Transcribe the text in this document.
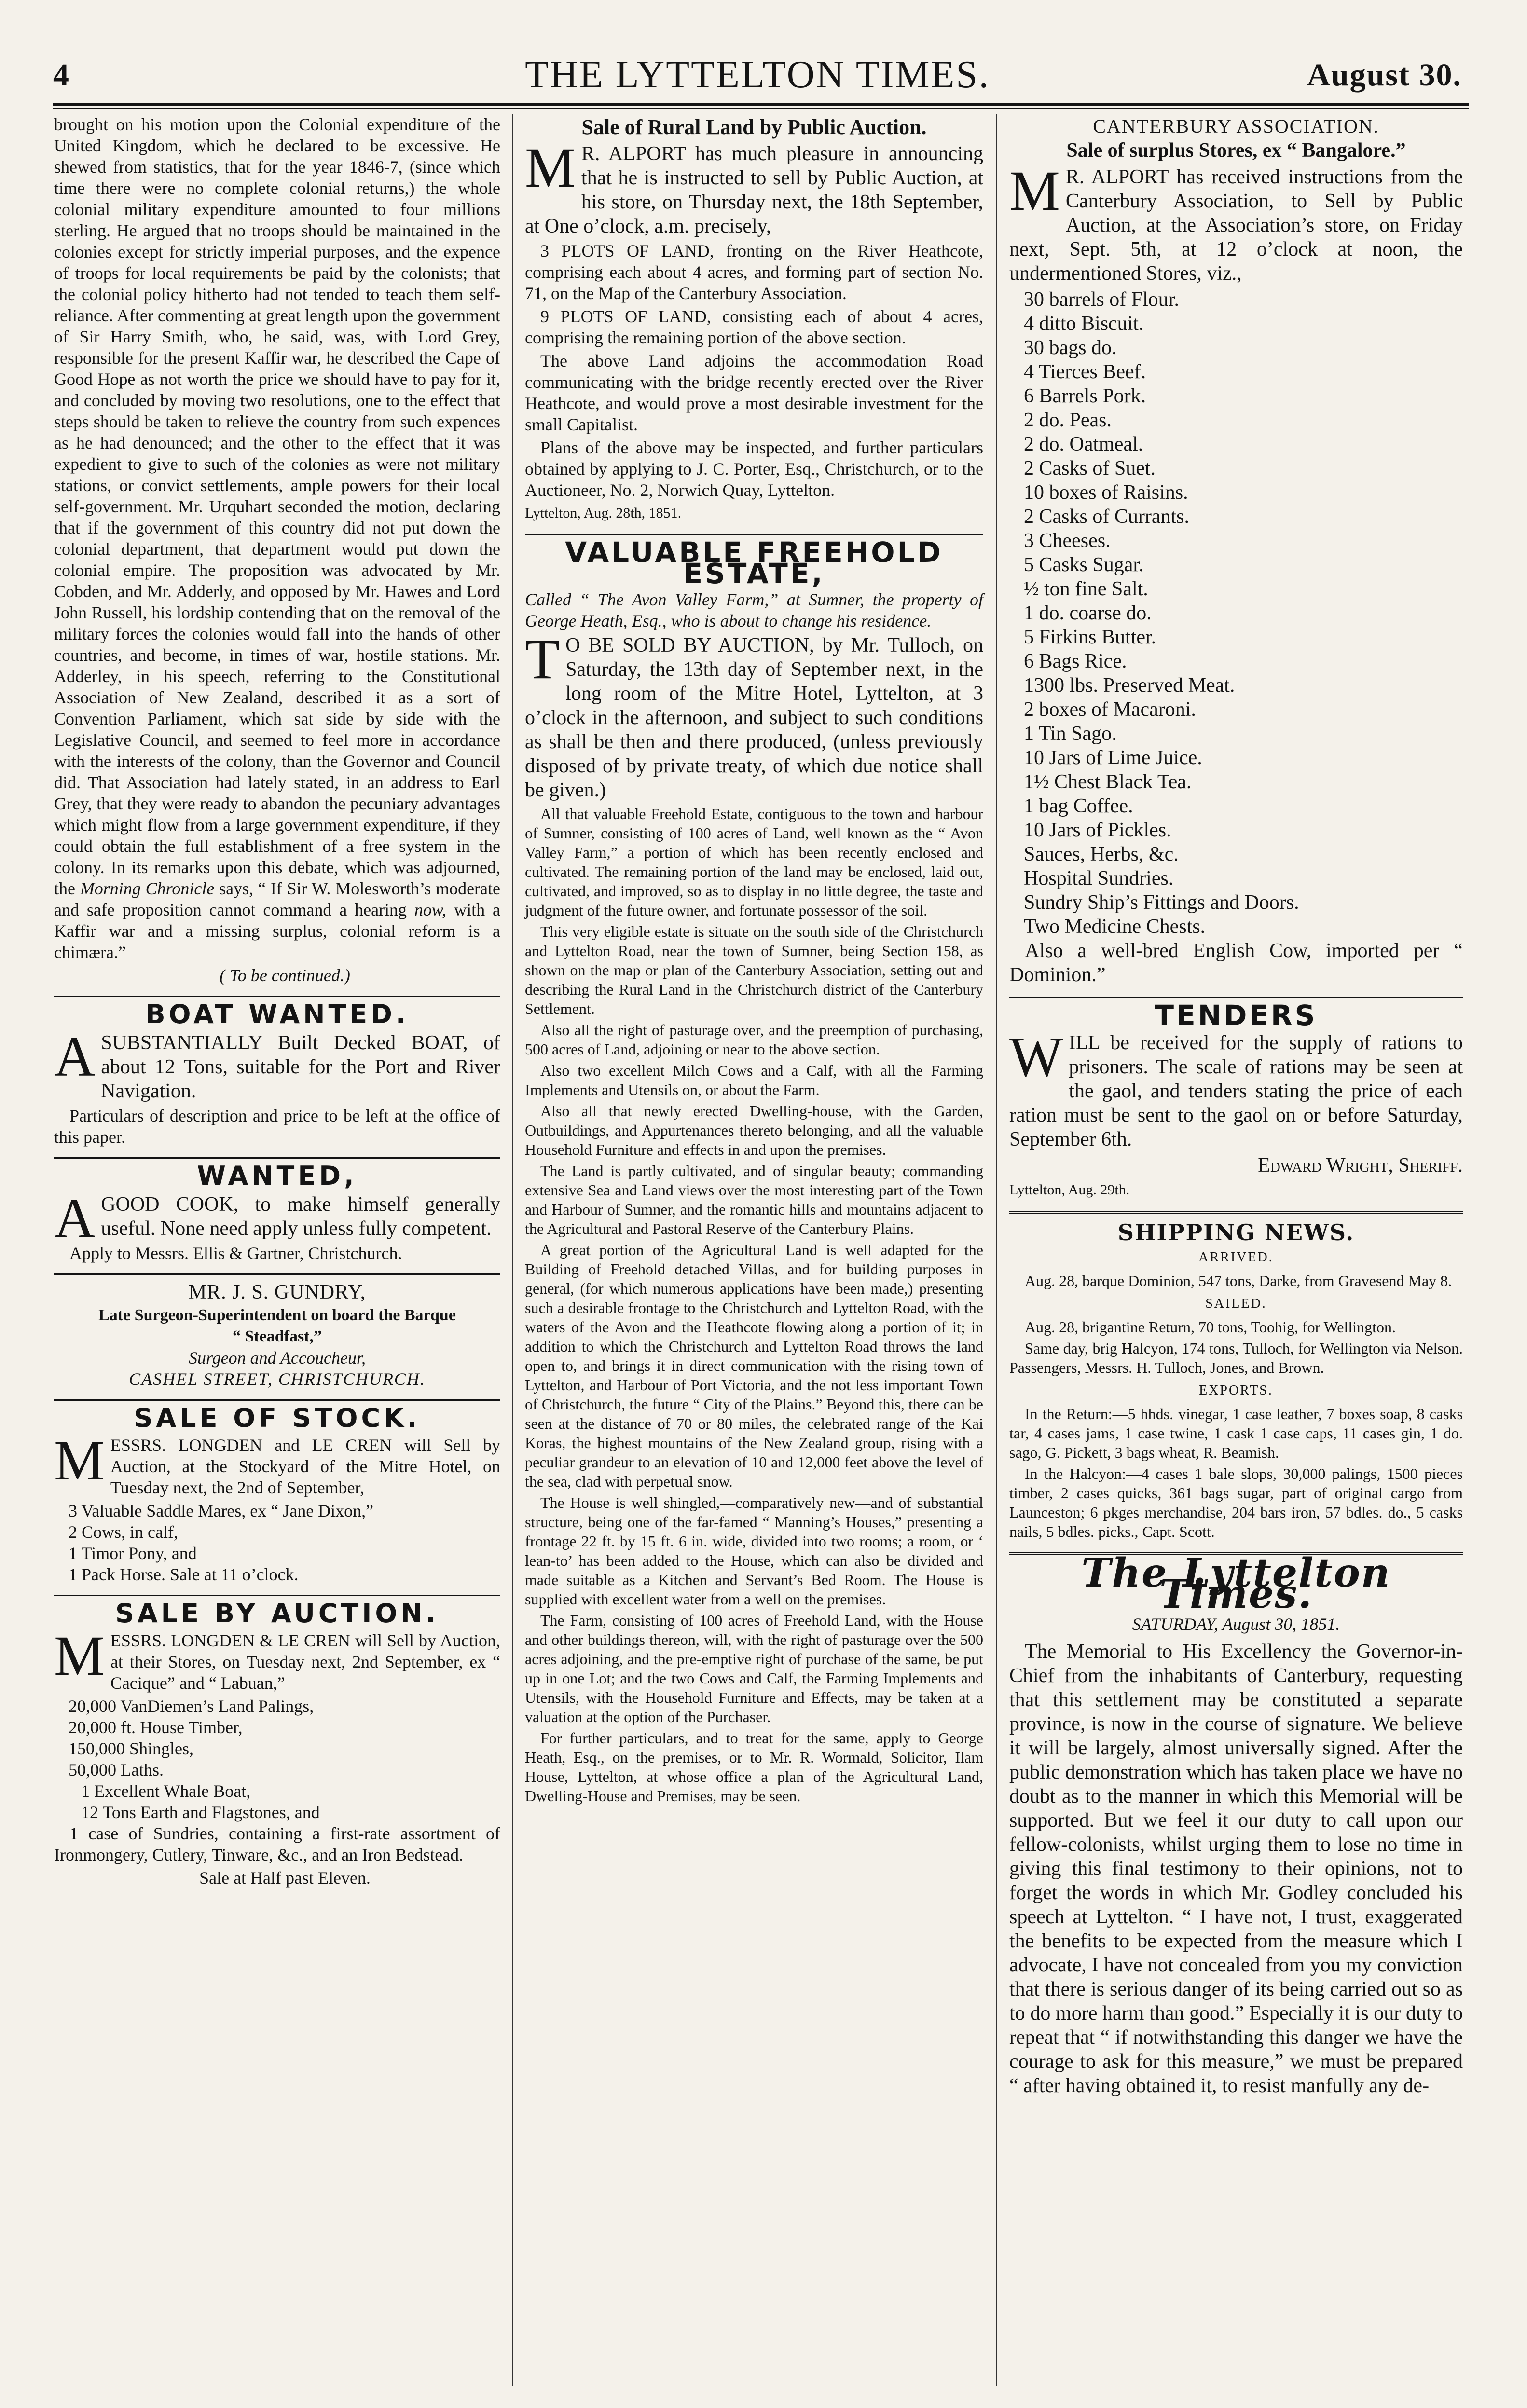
4	THE LYTTELTON TIMES.	August 30.

brought on his motion upon the Colonial expenditure of the United Kingdom, which he declared to be excessive. He shewed from statistics, that for the year 1846-7, (since which time there were no complete colonial returns,) the whole colonial military expenditure amounted to four millions sterling. He argued that no troops should be maintained in the colonies except for strictly imperial purposes, and the expence of troops for local requirements be paid by the colonists; that the colonial policy hitherto had not tended to teach them self-reliance. After commenting at great length upon the government of Sir Harry Smith, who, he said, was, with Lord Grey, responsible for the present Kaffir war, he described the Cape of Good Hope as not worth the price we should have to pay for it, and concluded by moving two resolutions, one to the effect that steps should be taken to relieve the country from such expences as he had denounced; and the other to the effect that it was expedient to give to such of the colonies as were not military stations, or convict settlements, ample powers for their local self-government. Mr. Urquhart seconded the motion, declaring that if the government of this country did not put down the colonial department, that department would put down the colonial empire. The proposition was advocated by Mr. Cobden, and Mr. Adderly, and opposed by Mr. Hawes and Lord John Russell, his lordship contending that on the removal of the military forces the colonies would fall into the hands of other countries, and become, in times of war, hostile stations. Mr. Adderley, in his speech, referring to the Constitutional Association of New Zealand, described it as a sort of Convention Parliament, which sat side by side with the Legislative Council, and seemed to feel more in accordance with the interests of the colony, than the Governor and Council did. That Association had lately stated, in an address to Earl Grey, that they were ready to abandon the pecuniary advantages which might flow from a large government expenditure, if they could obtain the full establishment of a free system in the colony. In its remarks upon this debate, which was adjourned, the Morning Chronicle says, “ If Sir W. Molesworth’s moderate and safe proposition cannot command a hearing now, with a Kaffir war and a missing surplus, colonial reform is a chimæra.”

( To be continued.)

BOAT WANTED.

ASUBSTANTIALLY Built Decked BOAT, of about 12 Tons, suitable for the Port and River Navigation.

Particulars of description and price to be left at the office of this paper.

WANTED,

AGOOD COOK, to make himself generally useful. None need apply unless fully competent.

Apply to Messrs. Ellis & Gartner, Christchurch.

MR. J. S. GUNDRY,
Late Surgeon-Superintendent on board the Barque
“ Steadfast,”
Surgeon and Accoucheur,
CASHEL STREET, CHRISTCHURCH.
SALE OF STOCK.

MESSRS. LONGDEN and LE CREN will Sell by Auction, at the Stockyard of the Mitre Hotel, on Tuesday next, the 2nd of September,

3 Valuable Saddle Mares, ex “ Jane Dixon,”

2 Cows, in calf,

1 Timor Pony, and

1 Pack Horse. Sale at 11 o’clock.

SALE BY AUCTION.

MESSRS. LONGDEN & LE CREN will Sell by Auction, at their Stores, on Tuesday next, 2nd September, ex “ Cacique” and “ Labuan,”

20,000 VanDiemen’s Land Palings,

20,000 ft. House Timber,

150,000 Shingles,

50,000 Laths.

1 Excellent Whale Boat,

12 Tons Earth and Flagstones, and

1 case of Sundries, containing a first-rate assortment of Ironmongery, Cutlery, Tinware, &c., and an Iron Bedstead.

Sale at Half past Eleven.

Sale of Rural Land by Public Auction.

M R. ALPORT has much pleasure in announcing that he is instructed to sell by Public Auction, at his store, on Thursday next, the 18th September, at One o’clock, a.m. precisely,

3 PLOTS OF LAND, fronting on the River Heathcote, comprising each about 4 acres, and forming part of section No. 71, on the Map of the Canterbury Association.

9 PLOTS OF LAND, consisting each of about 4 acres, comprising the remaining portion of the above section.

The above Land adjoins the accommodation Road communicating with the bridge recently erected over the River Heathcote, and would prove a most desirable investment for the small Capitalist.

Plans of the above may be inspected, and further particulars obtained by applying to J. C. Porter, Esq., Christchurch, or to the Auctioneer, No. 2, Norwich Quay, Lyttelton.

Lyttelton, Aug. 28th, 1851.

VALUABLE FREEHOLD ESTATE,

Called “ The Avon Valley Farm,” at Sumner, the property of George Heath, Esq., who is about to change his residence.

T O BE SOLD BY AUCTION, by Mr. Tulloch, on Saturday, the 13th day of September next, in the long room of the Mitre Hotel, Lyttelton, at 3 o’clock in the afternoon, and subject to such conditions as shall be then and there produced, (unless previously disposed of by private treaty, of which due notice shall be given.)

All that valuable Freehold Estate, contiguous to the town and harbour of Sumner, consisting of 100 acres of Land, well known as the “ Avon Valley Farm,” a portion of which has been recently enclosed and cultivated. The remaining portion of the land may be enclosed, laid out, cultivated, and improved, so as to display in no little degree, the taste and judgment of the future owner, and fortunate possessor of the soil.

This very eligible estate is situate on the south side of the Christchurch and Lyttelton Road, near the town of Sumner, being Section 158, as shown on the map or plan of the Canterbury Association, setting out and describing the Rural Land in the Christchurch district of the Canterbury Settlement.

Also all the right of pasturage over, and the preemption of purchasing, 500 acres of Land, adjoining or near to the above section.

Also two excellent Milch Cows and a Calf, with all the Farming Implements and Utensils on, or about the Farm.

Also all that newly erected Dwelling-house, with the Garden, Outbuildings, and Appurtenances thereto belonging, and all the valuable Household Furniture and effects in and upon the premises.

The Land is partly cultivated, and of singular beauty; commanding extensive Sea and Land views over the most interesting part of the Town and Harbour of Sumner, and the romantic hills and mountains adjacent to the Agricultural and Pastoral Reserve of the Canterbury Plains.

A great portion of the Agricultural Land is well adapted for the Building of Freehold detached Villas, and for building purposes in general, (for which numerous applications have been made,) presenting such a desirable frontage to the Christchurch and Lyttelton Road, with the waters of the Avon and the Heathcote flowing along a portion of it; in addition to which the Christchurch and Lyttelton Road throws the land open to, and brings it in direct communication with the rising town of Lyttelton, and Harbour of Port Victoria, and the not less important Town of Christchurch, the future “ City of the Plains.” Beyond this, there can be seen at the distance of 70 or 80 miles, the celebrated range of the Kai Koras, the highest mountains of the New Zealand group, rising with a peculiar grandeur to an elevation of 10 and 12,000 feet above the level of the sea, clad with perpetual snow.

The House is well shingled,—comparatively new—and of substantial structure, being one of the far-famed “ Manning’s Houses,” presenting a frontage 22 ft. by 15 ft. 6 in. wide, divided into two rooms; a room, or ‘ lean-to’ has been added to the House, which can also be divided and made suitable as a Kitchen and Servant’s Bed Room. The House is supplied with excellent water from a well on the premises.

The Farm, consisting of 100 acres of Freehold Land, with the House and other buildings thereon, will, with the right of pasturage over the 500 acres adjoining, and the pre-emptive right of purchase of the same, be put up in one Lot; and the two Cows and Calf, the Farming Implements and Utensils, with the Household Furniture and Effects, may be taken at a valuation at the option of the Purchaser.

For further particulars, and to treat for the same, apply to George Heath, Esq., on the premises, or to Mr. R. Wormald, Solicitor, Ilam House, Lyttelton, at whose office a plan of the Agricultural Land, Dwelling-House and Premises, may be seen.

CANTERBURY ASSOCIATION.
Sale of surplus Stores, ex “ Bangalore.”

M R. ALPORT has received instructions from the Canterbury Association, to Sell by Public Auction, at the Association’s store, on Friday next, Sept. 5th, at 12 o’clock at noon, the undermentioned Stores, viz.,

30 barrels of Flour.

4 ditto Biscuit.

30 bags do.

4 Tierces Beef.

6 Barrels Pork.

2 do. Peas.

2 do. Oatmeal.

2 Casks of Suet.

10 boxes of Raisins.

2 Casks of Currants.

3 Cheeses.

5 Casks Sugar.

½ ton fine Salt.

1 do. coarse do.

5 Firkins Butter.

6 Bags Rice.

1300 lbs. Preserved Meat.

2 boxes of Macaroni.

1 Tin Sago.

10 Jars of Lime Juice.

1½ Chest Black Tea.

1 bag Coffee.

10 Jars of Pickles.

Sauces, Herbs, &c.

Hospital Sundries.

Sundry Ship’s Fittings and Doors.

Two Medicine Chests.

Also a well-bred English Cow, imported per “ Dominion.”

TENDERS

WILL be received for the supply of rations to prisoners. The scale of rations may be seen at the gaol, and tenders stating the price of each ration must be sent to the gaol on or before Saturday, September 6th.

Edward Wright, Sheriff.

Lyttelton, Aug. 29th.

SHIPPING NEWS.
ARRIVED.

Aug. 28, barque Dominion, 547 tons, Darke, from Gravesend May 8.

SAILED.

Aug. 28, brigantine Return, 70 tons, Toohig, for Wellington.

Same day, brig Halcyon, 174 tons, Tulloch, for Wellington via Nelson. Passengers, Messrs. H. Tulloch, Jones, and Brown.

EXPORTS.

In the Return:—5 hhds. vinegar, 1 case leather, 7 boxes soap, 8 casks tar, 4 cases jams, 1 case twine, 1 cask 1 case caps, 11 cases gin, 1 do. sago, G. Pickett, 3 bags wheat, R. Beamish.

In the Halcyon:—4 cases 1 bale slops, 30,000 palings, 1500 pieces timber, 2 cases quicks, 361 bags sugar, part of original cargo from Launceston; 6 pkges merchandise, 204 bars iron, 57 bdles. do., 5 casks nails, 5 bdles. picks., Capt. Scott.

The Lyttelton Times.
SATURDAY, August 30, 1851.

The Memorial to His Excellency the Governor-in-Chief from the inhabitants of Canterbury, requesting that this settlement may be constituted a separate province, is now in the course of signature. We believe it will be largely, almost universally signed. After the public demonstration which has taken place we have no doubt as to the manner in which this Memorial will be supported. But we feel it our duty to call upon our fellow-colonists, whilst urging them to lose no time in giving this final testimony to their opinions, not to forget the words in which Mr. Godley concluded his speech at Lyttelton. “ I have not, I trust, exaggerated the benefits to be expected from the measure which I advocate, I have not concealed from you my conviction that there is serious danger of its being carried out so as to do more harm than good.” Especially it is our duty to repeat that “ if notwithstanding this danger we have the courage to ask for this measure,” we must be prepared “ after having obtained it, to resist manfully any de-
